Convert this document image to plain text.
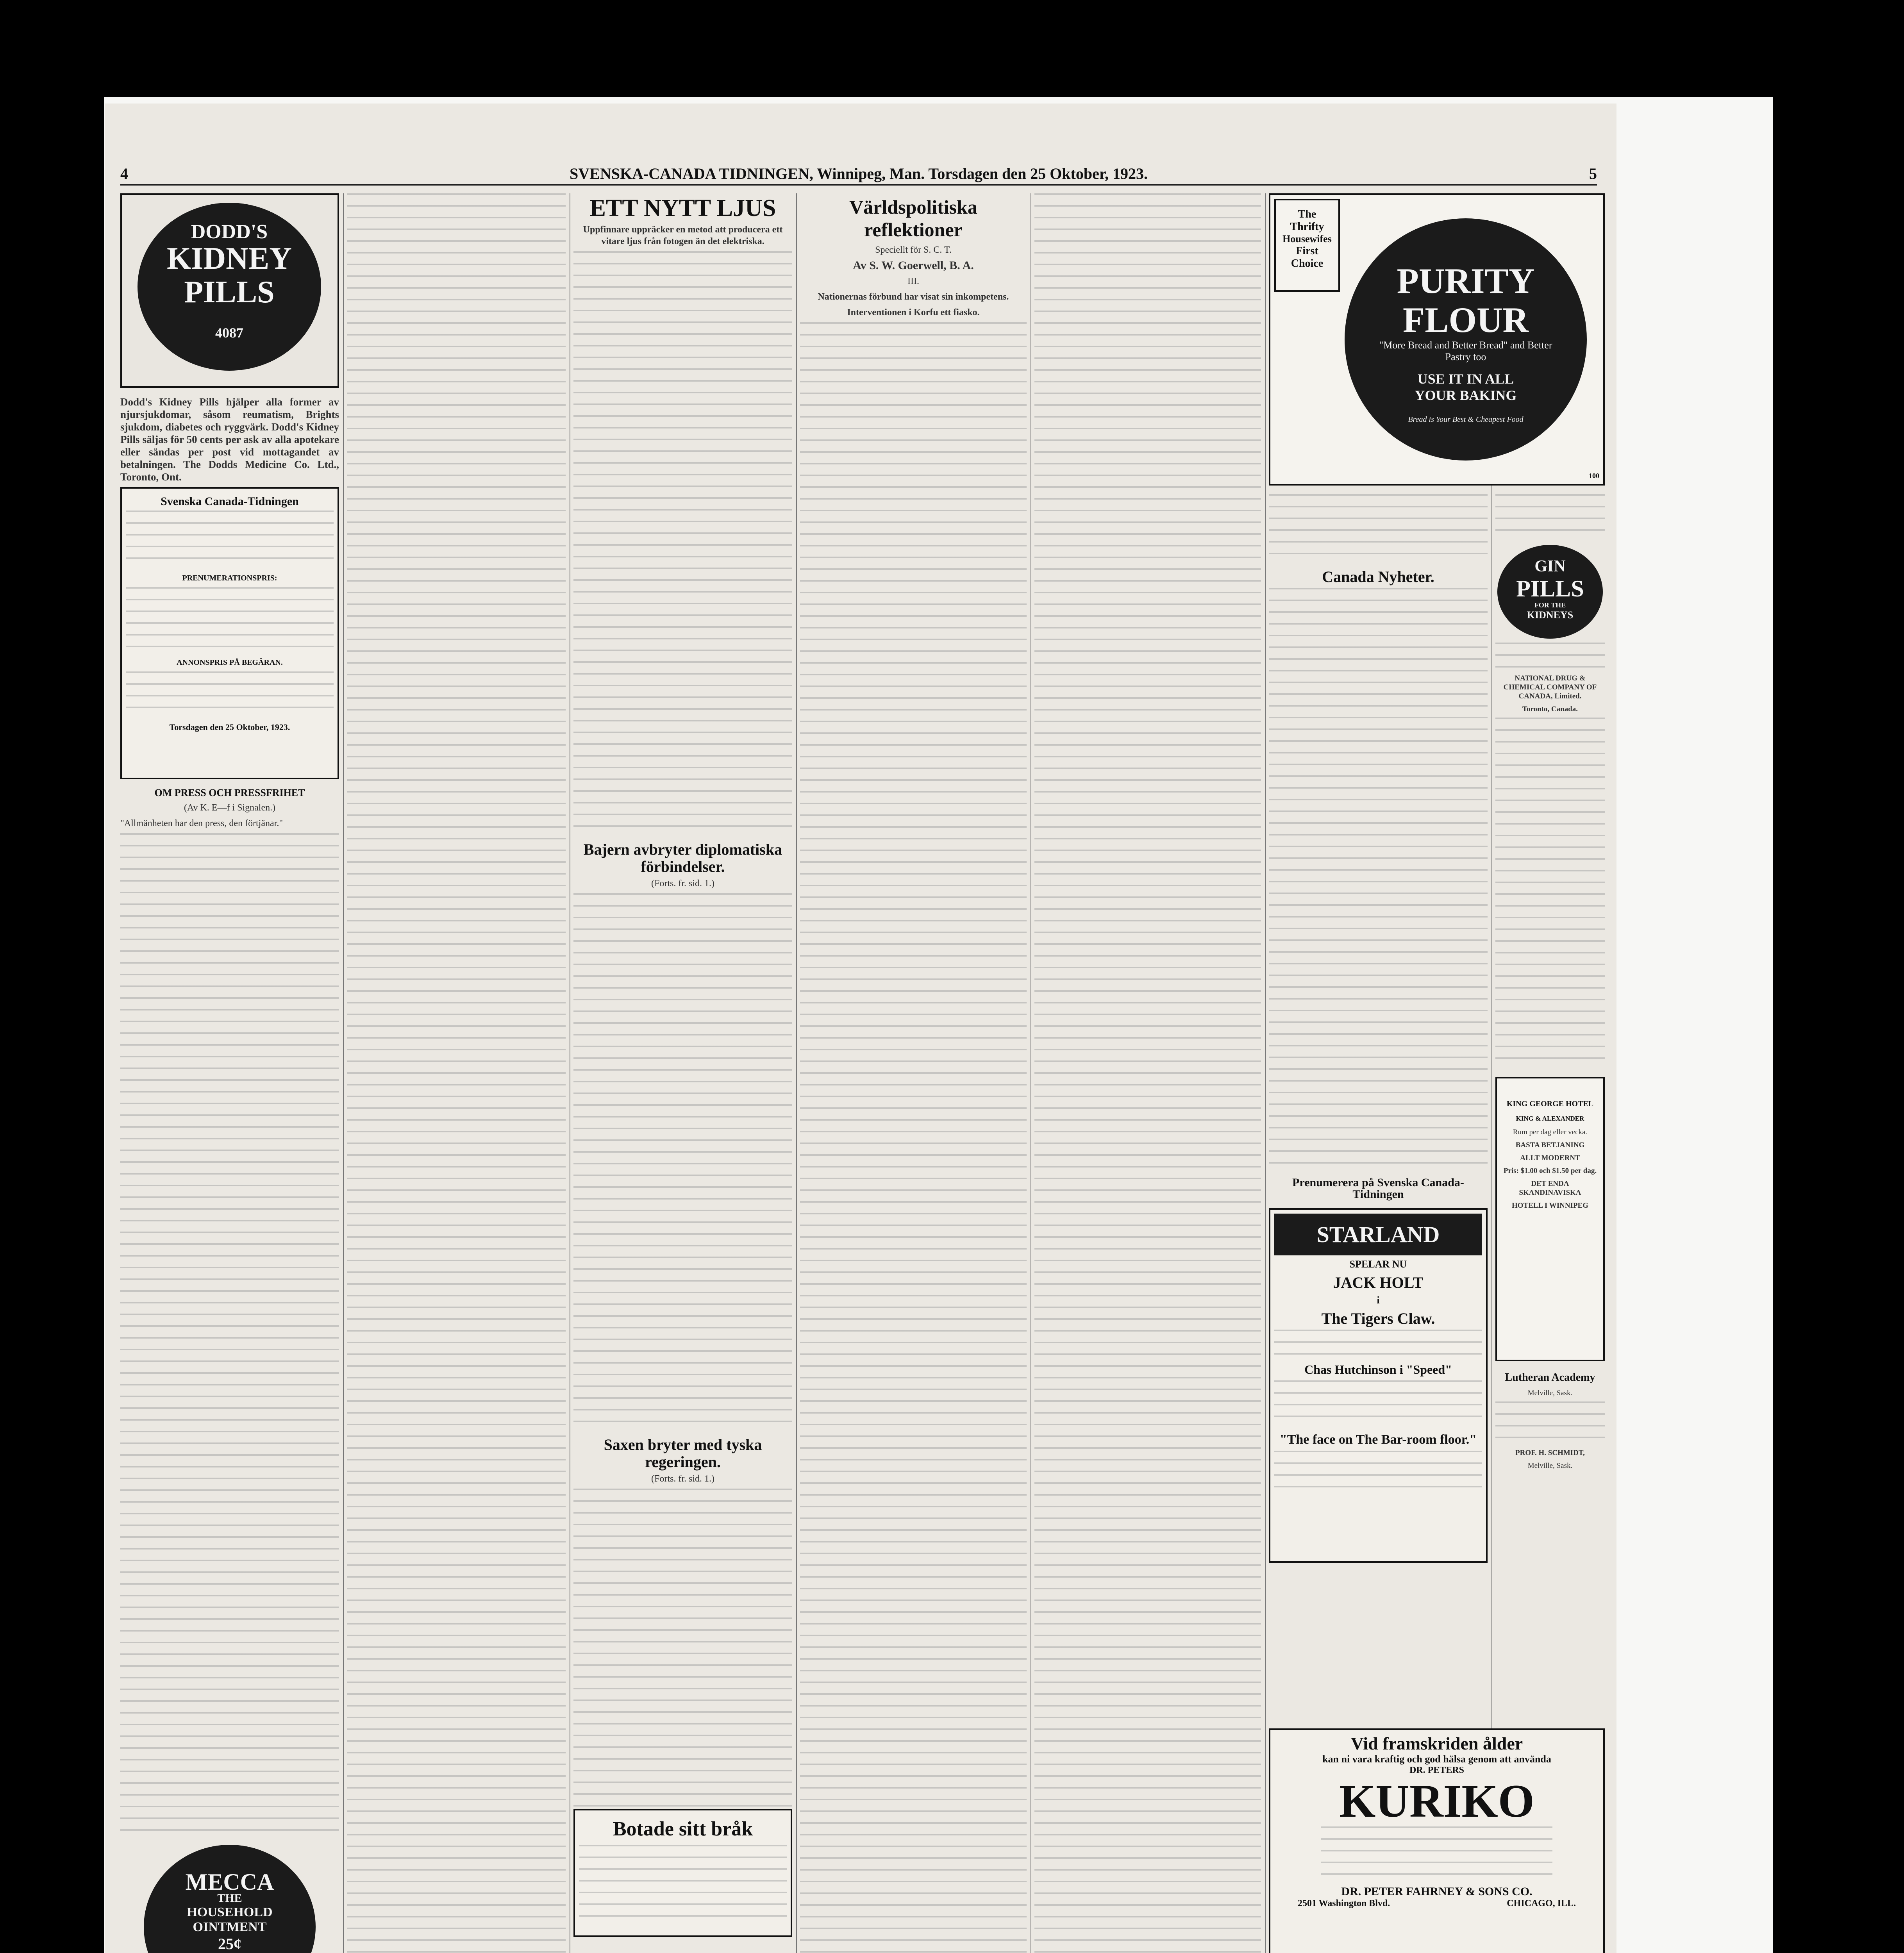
4	SVENSKA-CANADA TIDNINGEN, Winnipeg, Man. Torsdagen den 25 Oktober, 1923.	5
DODD'S
KIDNEY
PILLS
4087

Dodd's Kidney Pills hjälper alla former av njursjukdomar, såsom reumatism, Brights sjukdom, diabetes och ryggvärk. Dodd's Kidney Pills säljas för 50 cents per ask av alla apotekare eller sändas per post vid mottagandet av betalningen. The Dodds Medicine Co. Ltd., Toronto, Ont.

Svenska Canada-Tidningen
PRENUMERATIONSPRIS:
ANNONSPRIS PÅ BEGÄRAN.
Torsdagen den 25 Oktober, 1923.
OM PRESS OCH PRESSFRIHET

(Av K. E—f i Signalen.)

"Allmänheten har den press, den förtjänar."

MECCA
THE
HOUSEHOLD
OINTMENT
25¢
ETT NYTT LJUS

Uppfinnare uppräcker en metod att producera ett vitare ljus från fotogen än det elektriska.

Bajern avbryter diplomatiska förbindelser.

(Forts. fr. sid. 1.)

Saxen bryter med tyska regeringen.

(Forts. fr. sid. 1.)

Botade sitt bråk
Världspolitiska reflektioner

Speciellt för S. C. T.

Av S. W. Goerwell, B. A.

III.

Nationernas förbund har visat sin inkompetens.

Interventionen i Korfu ett fiasko.

The
Thrifty
Housewifes
First
Choice	PURITY
FLOUR
"More Bread and Better Bread" and Better Pastry too
USE IT IN ALL YOUR BAKING
Bread is Your Best & Cheapest Food
100
Canada Nyheter.
Prenumerera på Svenska Canada-Tidningen
STARLAND
SPELAR NU
JACK HOLT
i
The Tigers Claw.
Chas Hutchinson i "Speed"
"The face on The Bar-room floor."
Vid framskriden ålder
kan ni vara kraftig och god hälsa genom att använda
DR. PETERS
KURIKO
DR. PETER FAHRNEY & SONS CO.
2501 Washington Blvd.	CHICAGO, ILL.
GIN
PILLS
FOR THE
KIDNEYS

NATIONAL DRUG & CHEMICAL COMPANY OF CANADA, Limited.

Toronto, Canada.

KING GEORGE HOTEL
KING & ALEXANDER

Rum per dag eller vecka.

BASTA BETJANING

ALLT MODERNT

Pris: $1.00 och $1.50 per dag.

DET ENDA SKANDINAVISKA

HOTELL I WINNIPEG

Lutheran Academy

Melville, Sask.

PROF. H. SCHMIDT,

Melville, Sask.
